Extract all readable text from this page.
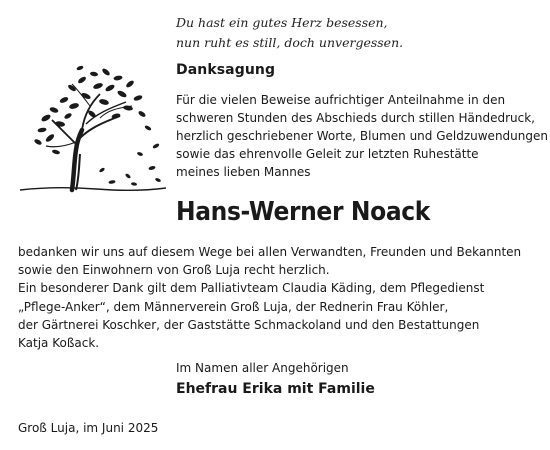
Du hast ein gutes Herz besessen,
nun ruht es still, doch unvergessen.
Danksagung
Für die vielen Beweise aufrichtiger Anteilnahme in den
schweren Stunden des Abschieds durch stillen Händedruck,
herzlich geschriebener Worte, Blumen und Geldzuwendungen
sowie das ehrenvolle Geleit zur letzten Ruhestätte
meines lieben Mannes
Hans-Werner Noack
bedanken wir uns auf diesem Wege bei allen Verwandten, Freunden und Bekannten
sowie den Einwohnern von Groß Luja recht herzlich.
Ein besonderer Dank gilt dem Palliativteam Claudia Käding, dem Pflegedienst
„Pflege-Anker“, dem Männerverein Groß Luja, der Rednerin Frau Köhler,
der Gärtnerei Koschker, der Gaststätte Schmackoland und den Bestattungen
Katja Koßack.
Im Namen aller Angehörigen
Ehefrau Erika mit Familie
Groß Luja, im Juni 2025
